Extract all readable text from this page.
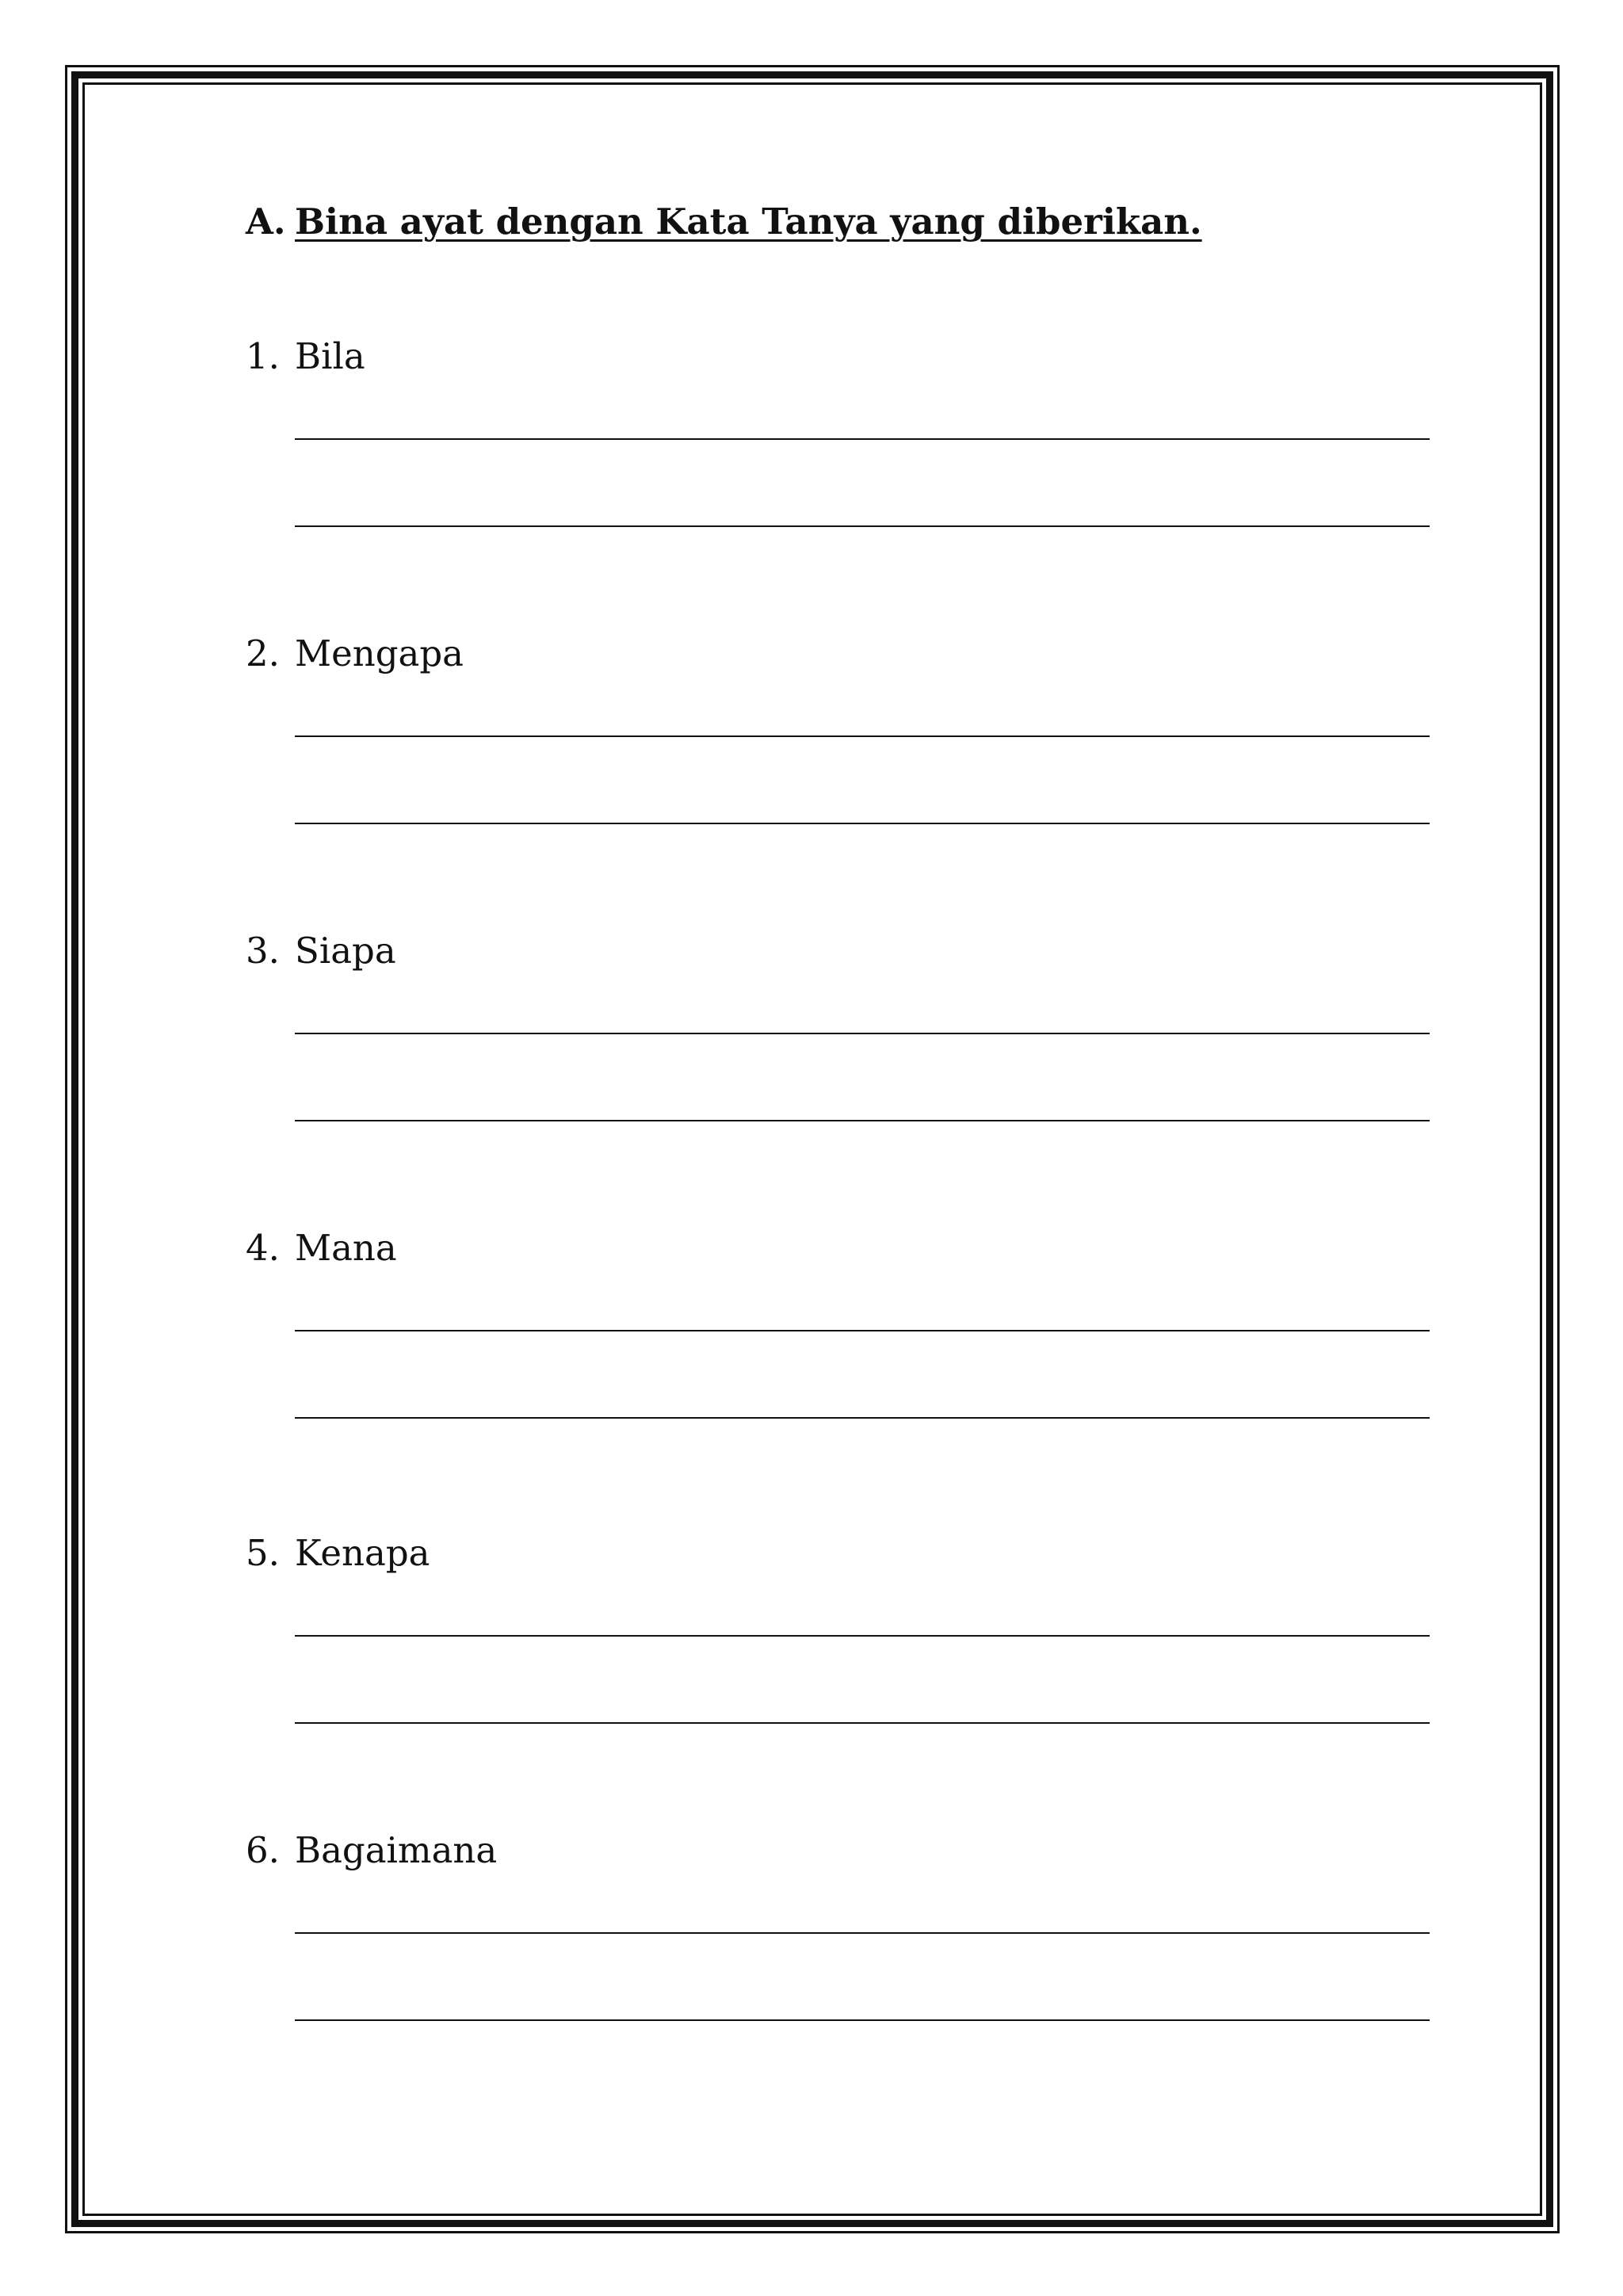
A. Bina ayat dengan Kata Tanya yang diberikan.
1. Bila
2. Mengapa
3. Siapa
4. Mana
5. Kenapa
6. Bagaimana
